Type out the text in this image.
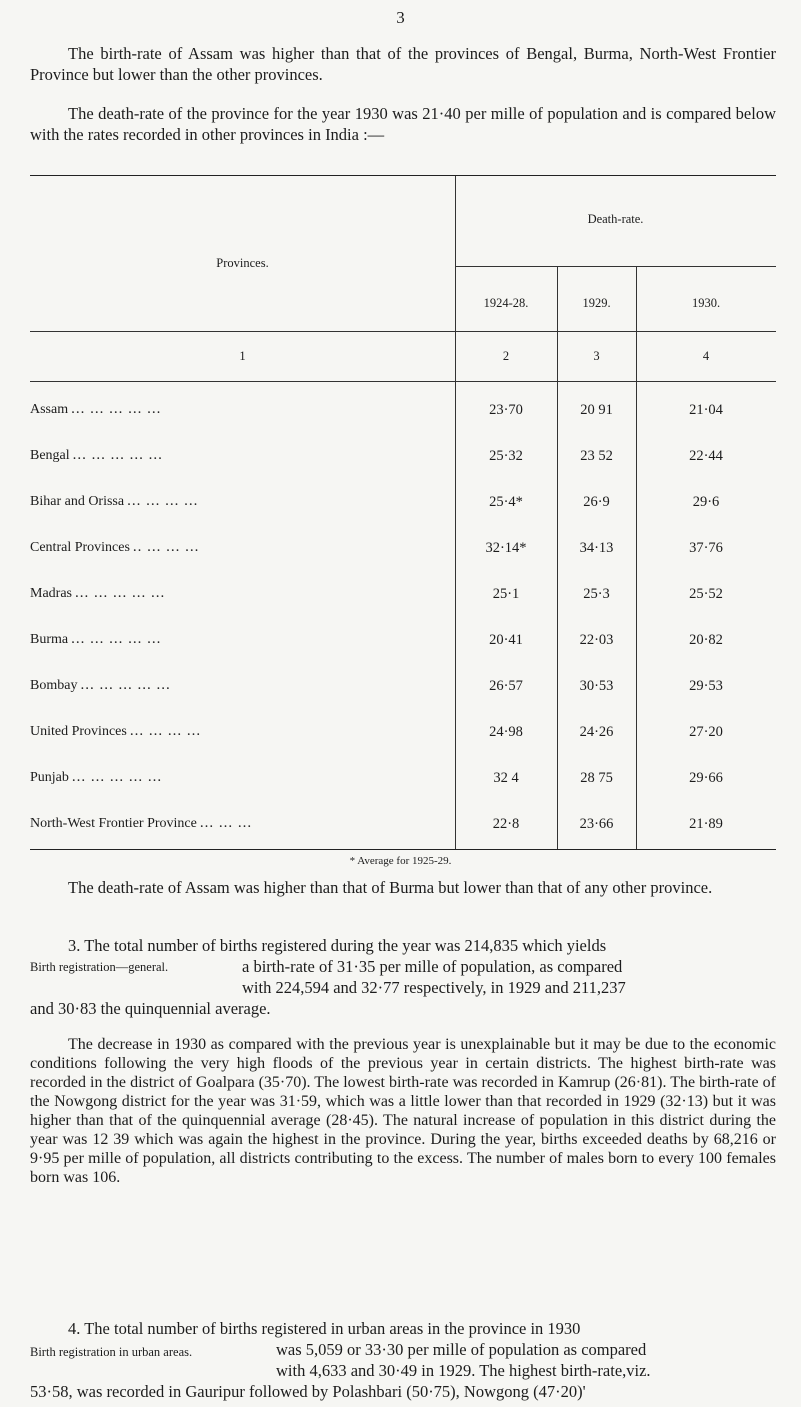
3

The birth-rate of Assam was higher than that of the provinces of Bengal, Burma, North-West Frontier Province but lower than the other provinces.

The death-rate of the province for the year 1930 was 21·40 per mille of population and is compared below with the rates recorded in other provinces in India :—

Provinces.
Death-rate.
1924-28.	1929.	1930.
1	2	3	4
Assam ... ... ... ... ...	23·70	20 91	21·04
Bengal ... ... ... ... ...	25·32	23 52	22·44
Bihar and Orissa ... ... ... ...	25·4*	26·9	29·6
Central Provinces .. ... ... ...	32·14*	34·13	37·76
Madras ... ... ... ... ...	25·1	25·3	25·52
Burma ... ... ... ... ...	20·41	22·03	20·82
Bombay ... ... ... ... ...	26·57	30·53	29·53
United Provinces ... ... ... ...	24·98	24·26	27·20
Punjab ... ... ... ... ...	32 4	28 75	29·66
North-West Frontier Province ... ... ...	22·8	23·66	21·89
* Average for 1925-29.

The death-rate of Assam was higher than that of Burma but lower than that of any other province.

3. The total number of births registered during the year was 214,835 which yields

Birth registration—general.	a birth-rate of 31·35 per mille of population, as compared

with 224,594 and 32·77 respectively, in 1929 and 211,237

and 30·83 the quinquennial average.

The decrease in 1930 as compared with the previous year is unexplainable but it may be due to the economic conditions following the very high floods of the previous year in certain districts. The highest birth-rate was recorded in the district of Goalpara (35·70). The lowest birth-rate was recorded in Kamrup (26·81). The birth-rate of the Nowgong district for the year was 31·59, which was a little lower than that recorded in 1929 (32·13) but it was higher than that of the quinquennial average (28·45). The natural increase of population in this district during the year was 12 39 which was again the highest in the province. During the year, births exceeded deaths by 68,216 or 9·95 per mille of population, all districts contributing to the excess. The number of males born to every 100 females born was 106.

4. The total number of births registered in urban areas in the province in 1930

Birth registration in urban areas.	was 5,059 or 33·30 per mille of population as compared

with 4,633 and 30·49 in 1929. The highest birth-rate,viz.

53·58, was recorded in Gauripur followed by Polashbari (50·75), Nowgong (47·20)'
